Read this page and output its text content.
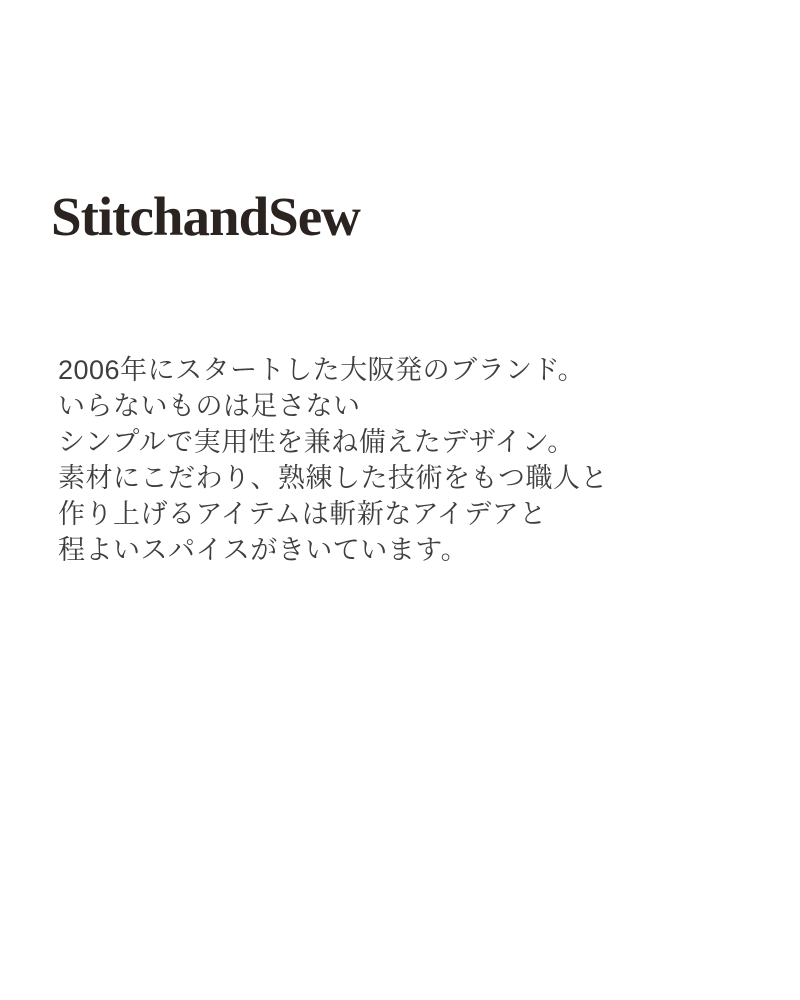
StitchandSew
2006年にスタートした大阪発のブランド。
いらないものは足さない
シンプルで実用性を兼ね備えたデザイン。
素材にこだわり、熟練した技術をもつ職人と
作り上げるアイテムは斬新なアイデアと
程よいスパイスがきいています。
